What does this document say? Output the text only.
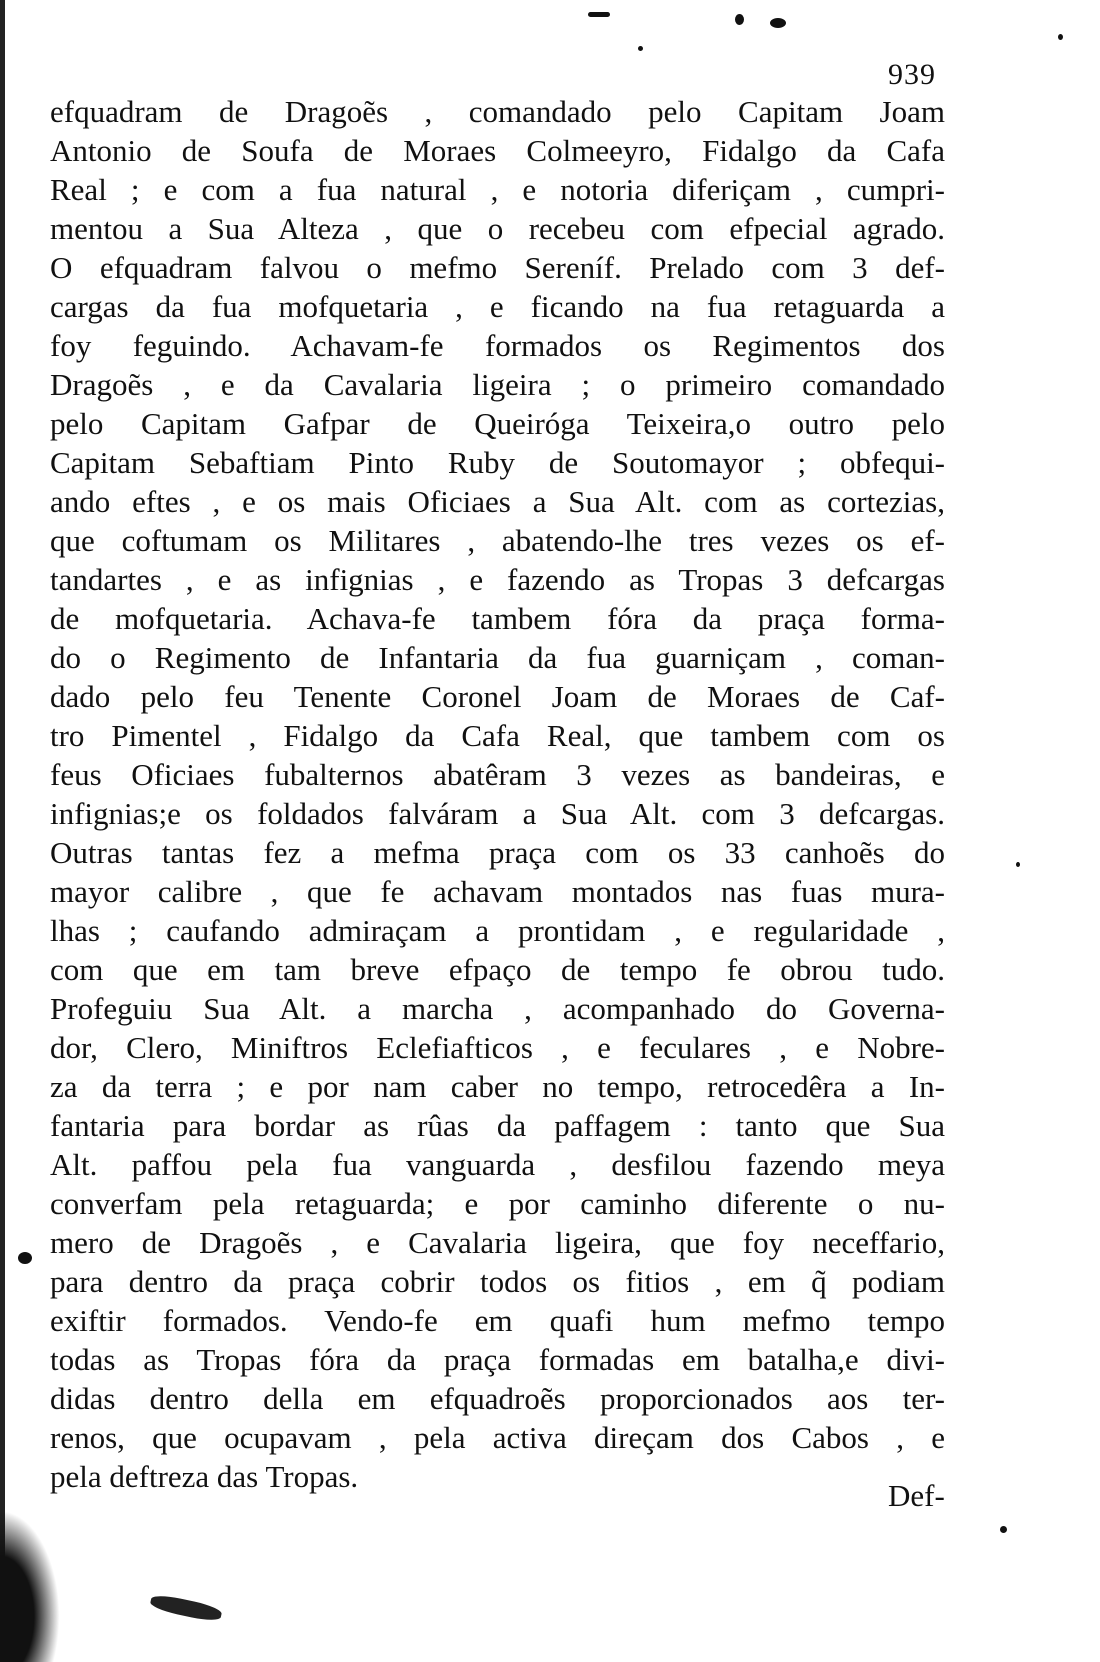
939
efquadram de Dragoẽs , comandado pelo Capitam Joam
Antonio de Soufa de Moraes Colmeeyro, Fidalgo da Cafa
Real ; e com a fua natural , e notoria diferiçam , cumpri-
mentou a Sua Alteza , que o recebeu com efpecial agrado.
O efquadram falvou o mefmo Sereníf. Prelado com 3 def-
cargas da fua mofquetaria , e ficando na fua retaguarda a
foy feguindo. Achavam-fe formados os Regimentos dos
Dragoẽs , e da Cavalaria ligeira ; o primeiro comandado
pelo Capitam Gafpar de Queiróga Teixeira,o outro pelo
Capitam Sebaftiam Pinto Ruby de Soutomayor ; obfequi-
ando eftes , e os mais Oficiaes a Sua Alt. com as cortezias,
que coftumam os Militares , abatendo-lhe tres vezes os ef-
tandartes , e as infignias , e fazendo as Tropas 3 defcargas
de mofquetaria. Achava-fe tambem fóra da praça forma-
do o Regimento de Infantaria da fua guarniçam , coman-
dado pelo feu Tenente Coronel Joam de Moraes de Caf-
tro Pimentel , Fidalgo da Cafa Real, que tambem com os
feus Oficiaes fubalternos abatêram 3 vezes as bandeiras, e
infignias;e os foldados falváram a Sua Alt. com 3 defcargas.
Outras tantas fez a mefma praça com os 33 canhoẽs do
mayor calibre , que fe achavam montados nas fuas mura-
lhas ; caufando admiraçam a prontidam , e regularidade ,
com que em tam breve efpaço de tempo fe obrou tudo.
Profeguiu Sua Alt. a marcha , acompanhado do Governa-
dor, Clero, Miniftros Eclefiafticos , e feculares , e Nobre-
za da terra ; e por nam caber no tempo, retrocedêra a In-
fantaria para bordar as rûas da paffagem : tanto que Sua
Alt. paffou pela fua vanguarda , desfilou fazendo meya
converfam pela retaguarda; e por caminho diferente o nu-
mero de Dragoẽs , e Cavalaria ligeira, que foy neceffario,
para dentro da praça cobrir todos os fitios , em q̃ podiam
exiftir formados. Vendo-fe em quafi hum mefmo tempo
todas as Tropas fóra da praça formadas em batalha,e divi-
didas dentro della em efquadroẽs proporcionados aos ter-
renos, que ocupavam , pela activa direçam dos Cabos , e
pela deftreza das Tropas.
Def-
